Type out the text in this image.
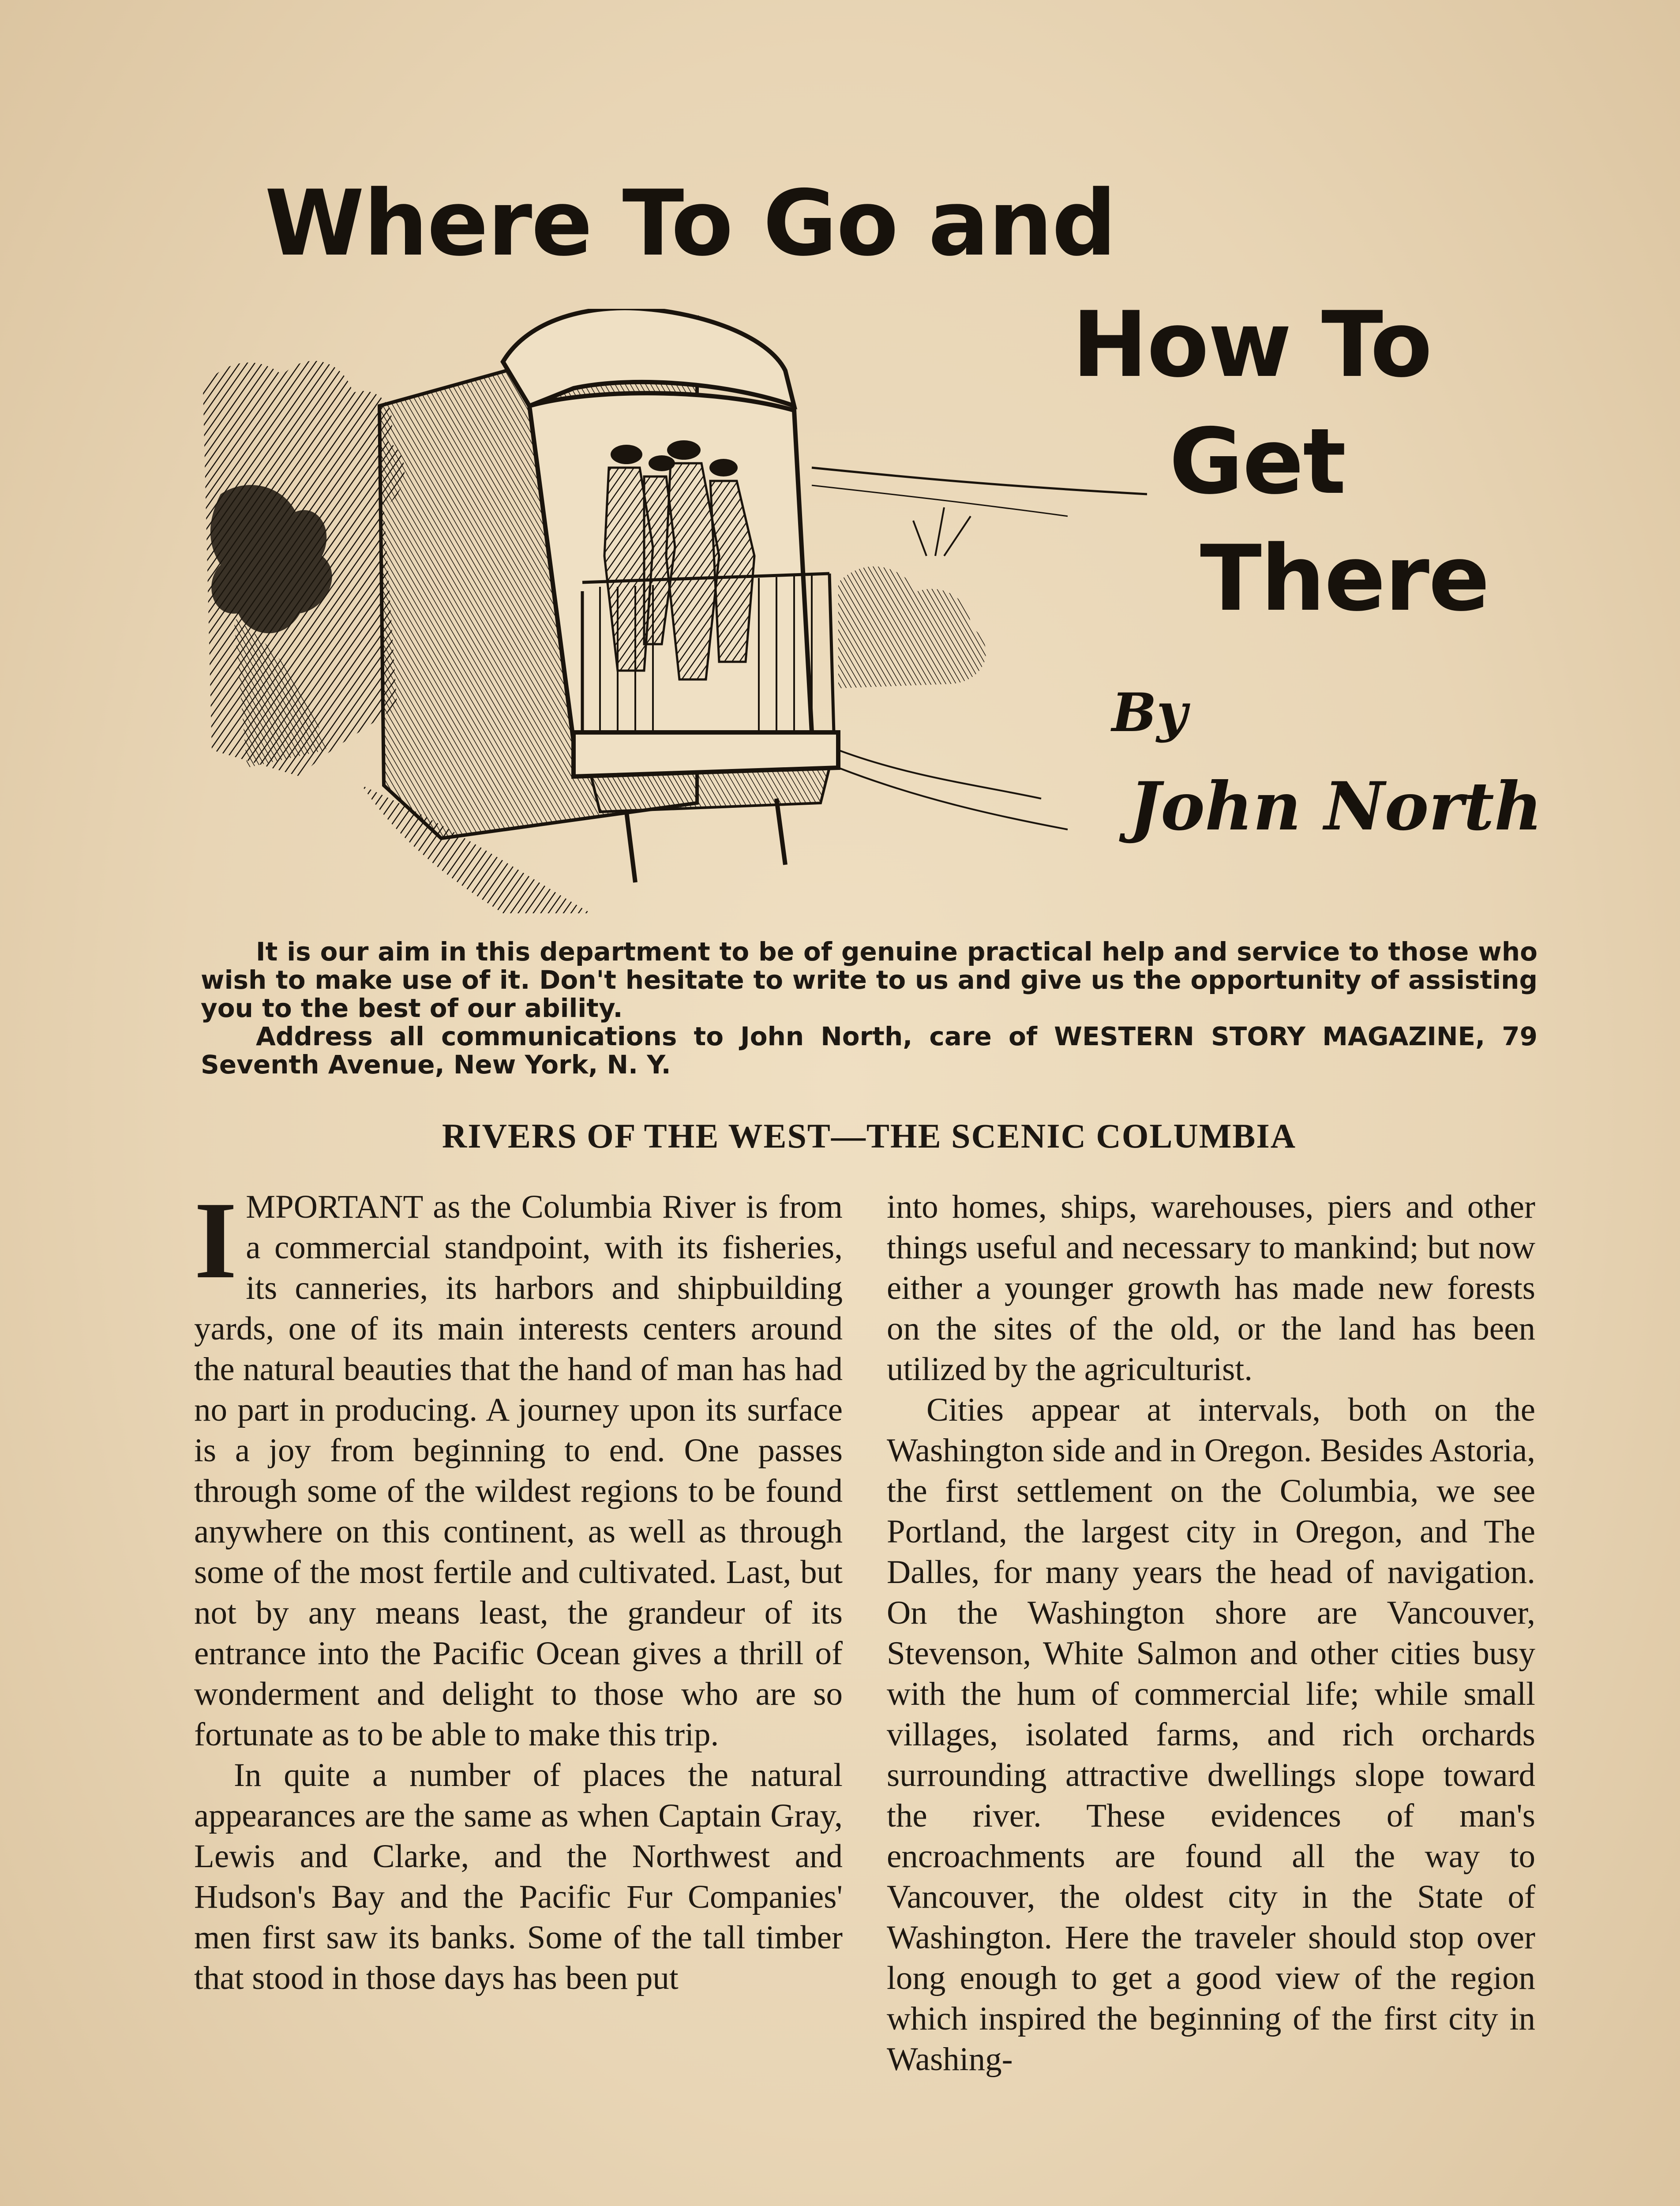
Where To Go and
How To
Get
There
By
John North

It is our aim in this department to be of genuine practical help and service to those who wish to make use of it. Don't hesitate to write to us and give us the opportunity of assisting you to the best of our ability.

Address all communications to John North, care of WESTERN STORY MAGAZINE, 79 Seventh Avenue, New York, N. Y.

RIVERS OF THE WEST—THE SCENIC COLUMBIA

IMPORTANT as the Columbia River is from a commercial standpoint, with its fisheries, its canneries, its harbors and shipbuilding yards, one of its main interests centers around the natural beauties that the hand of man has had no part in producing. A journey upon its surface is a joy from beginning to end. One passes through some of the wildest regions to be found anywhere on this continent, as well as through some of the most fertile and cultivated. Last, but not by any means least, the grandeur of its entrance into the Pacific Ocean gives a thrill of wonderment and delight to those who are so fortunate as to be able to make this trip.

In quite a number of places the natural appearances are the same as when Captain Gray, Lewis and Clarke, and the Northwest and Hudson's Bay and the Pacific Fur Companies' men first saw its banks. Some of the tall timber that stood in those days has been put

into homes, ships, warehouses, piers and other things useful and necessary to mankind; but now either a younger growth has made new forests on the sites of the old, or the land has been utilized by the agriculturist.

Cities appear at intervals, both on the Washington side and in Oregon. Besides Astoria, the first settlement on the Columbia, we see Portland, the largest city in Oregon, and The Dalles, for many years the head of navigation. On the Washington shore are Vancouver, Stevenson, White Salmon and other cities busy with the hum of commercial life; while small villages, isolated farms, and rich orchards surrounding attractive dwellings slope toward the river. These evidences of man's encroachments are found all the way to Vancouver, the oldest city in the State of Washington. Here the traveler should stop over long enough to get a good view of the region which inspired the beginning of the first city in Washing-
